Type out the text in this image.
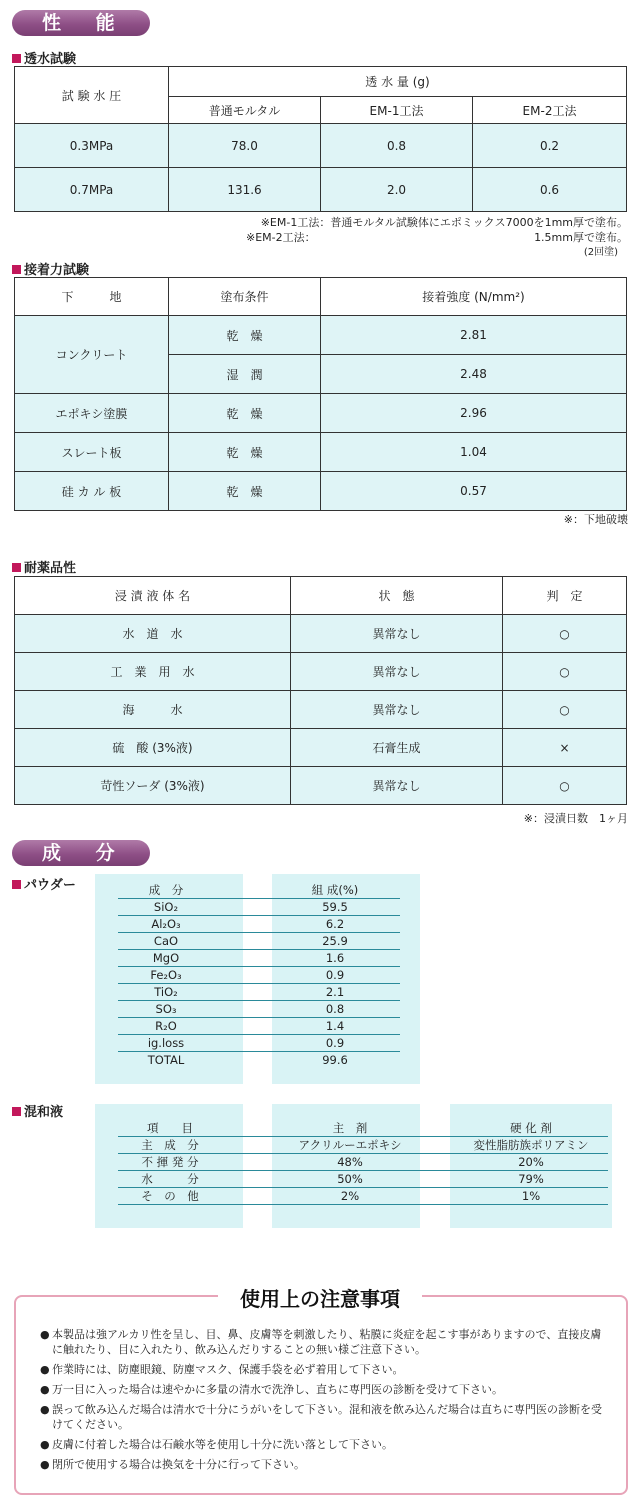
性 能
透水試験
試 験 水 圧	透 水 量 (g)		
	普通モルタル	EM-1工法	EM-2工法
0.3MPa	78.0	0.8	0.2
0.7MPa	131.6	2.0	0.6
※EM-1工法：普通モルタル試験体にエポミックス7000を1mm厚で塗布。
※EM-2工法：	1.5mm厚で塗布。
(2回塗)
接着力試験
下　　　地	塗布条件	接着強度 (N/mm²)
コンクリート	乾　燥	2.81
	湿　潤	2.48
エポキシ塗膜	乾　燥	2.96
スレート板	乾　燥	1.04
硅 カ ル 板	乾　燥	0.57
※：下地破壊
耐薬品性
浸 漬 液 体 名	状　態	判　定
水　道　水	異常なし	○
工　業　用　水	異常なし	○
海　　　水	異常なし	○
硫　酸 (3%液)	石膏生成	×
苛性ソーダ (3%液)	異常なし	○
※：浸漬日数　1ヶ月
成 分
パウダー	成　分		組 成(%)
SiO₂		59.5
Al₂O₃		6.2
CaO		25.9
MgO		1.6
Fe₂O₃		0.9
TiO₂		2.1
SO₃		0.8
R₂O		1.4
ig.loss		0.9
TOTAL		99.6
混和液
項　　目		主　剤		硬 化 剤
主　成　分		アクリルーエポキシ		変性脂肪族ポリアミン
不 揮 発 分		48%		20%
水　　　分		50%		79%
そ　の　他		2%		1%
● 本製品は強アルカリ性を呈し、目、鼻、皮膚等を刺激したり、粘膜に炎症を起こす事がありますので、直接皮膚に触れたり、目に入れたり、飲み込んだりすることの無い様ご注意下さい。
● 作業時には、防塵眼鏡、防塵マスク、保護手袋を必ず着用して下さい。
● 万一目に入った場合は速やかに多量の清水で洗浄し、直ちに専門医の診断を受けて下さい。
● 誤って飲み込んだ場合は清水で十分にうがいをして下さい。混和液を飲み込んだ場合は直ちに専門医の診断を受けてください。
● 皮膚に付着した場合は石鹸水等を使用し十分に洗い落として下さい。
● 閉所で使用する場合は換気を十分に行って下さい。
使用上の注意事項
